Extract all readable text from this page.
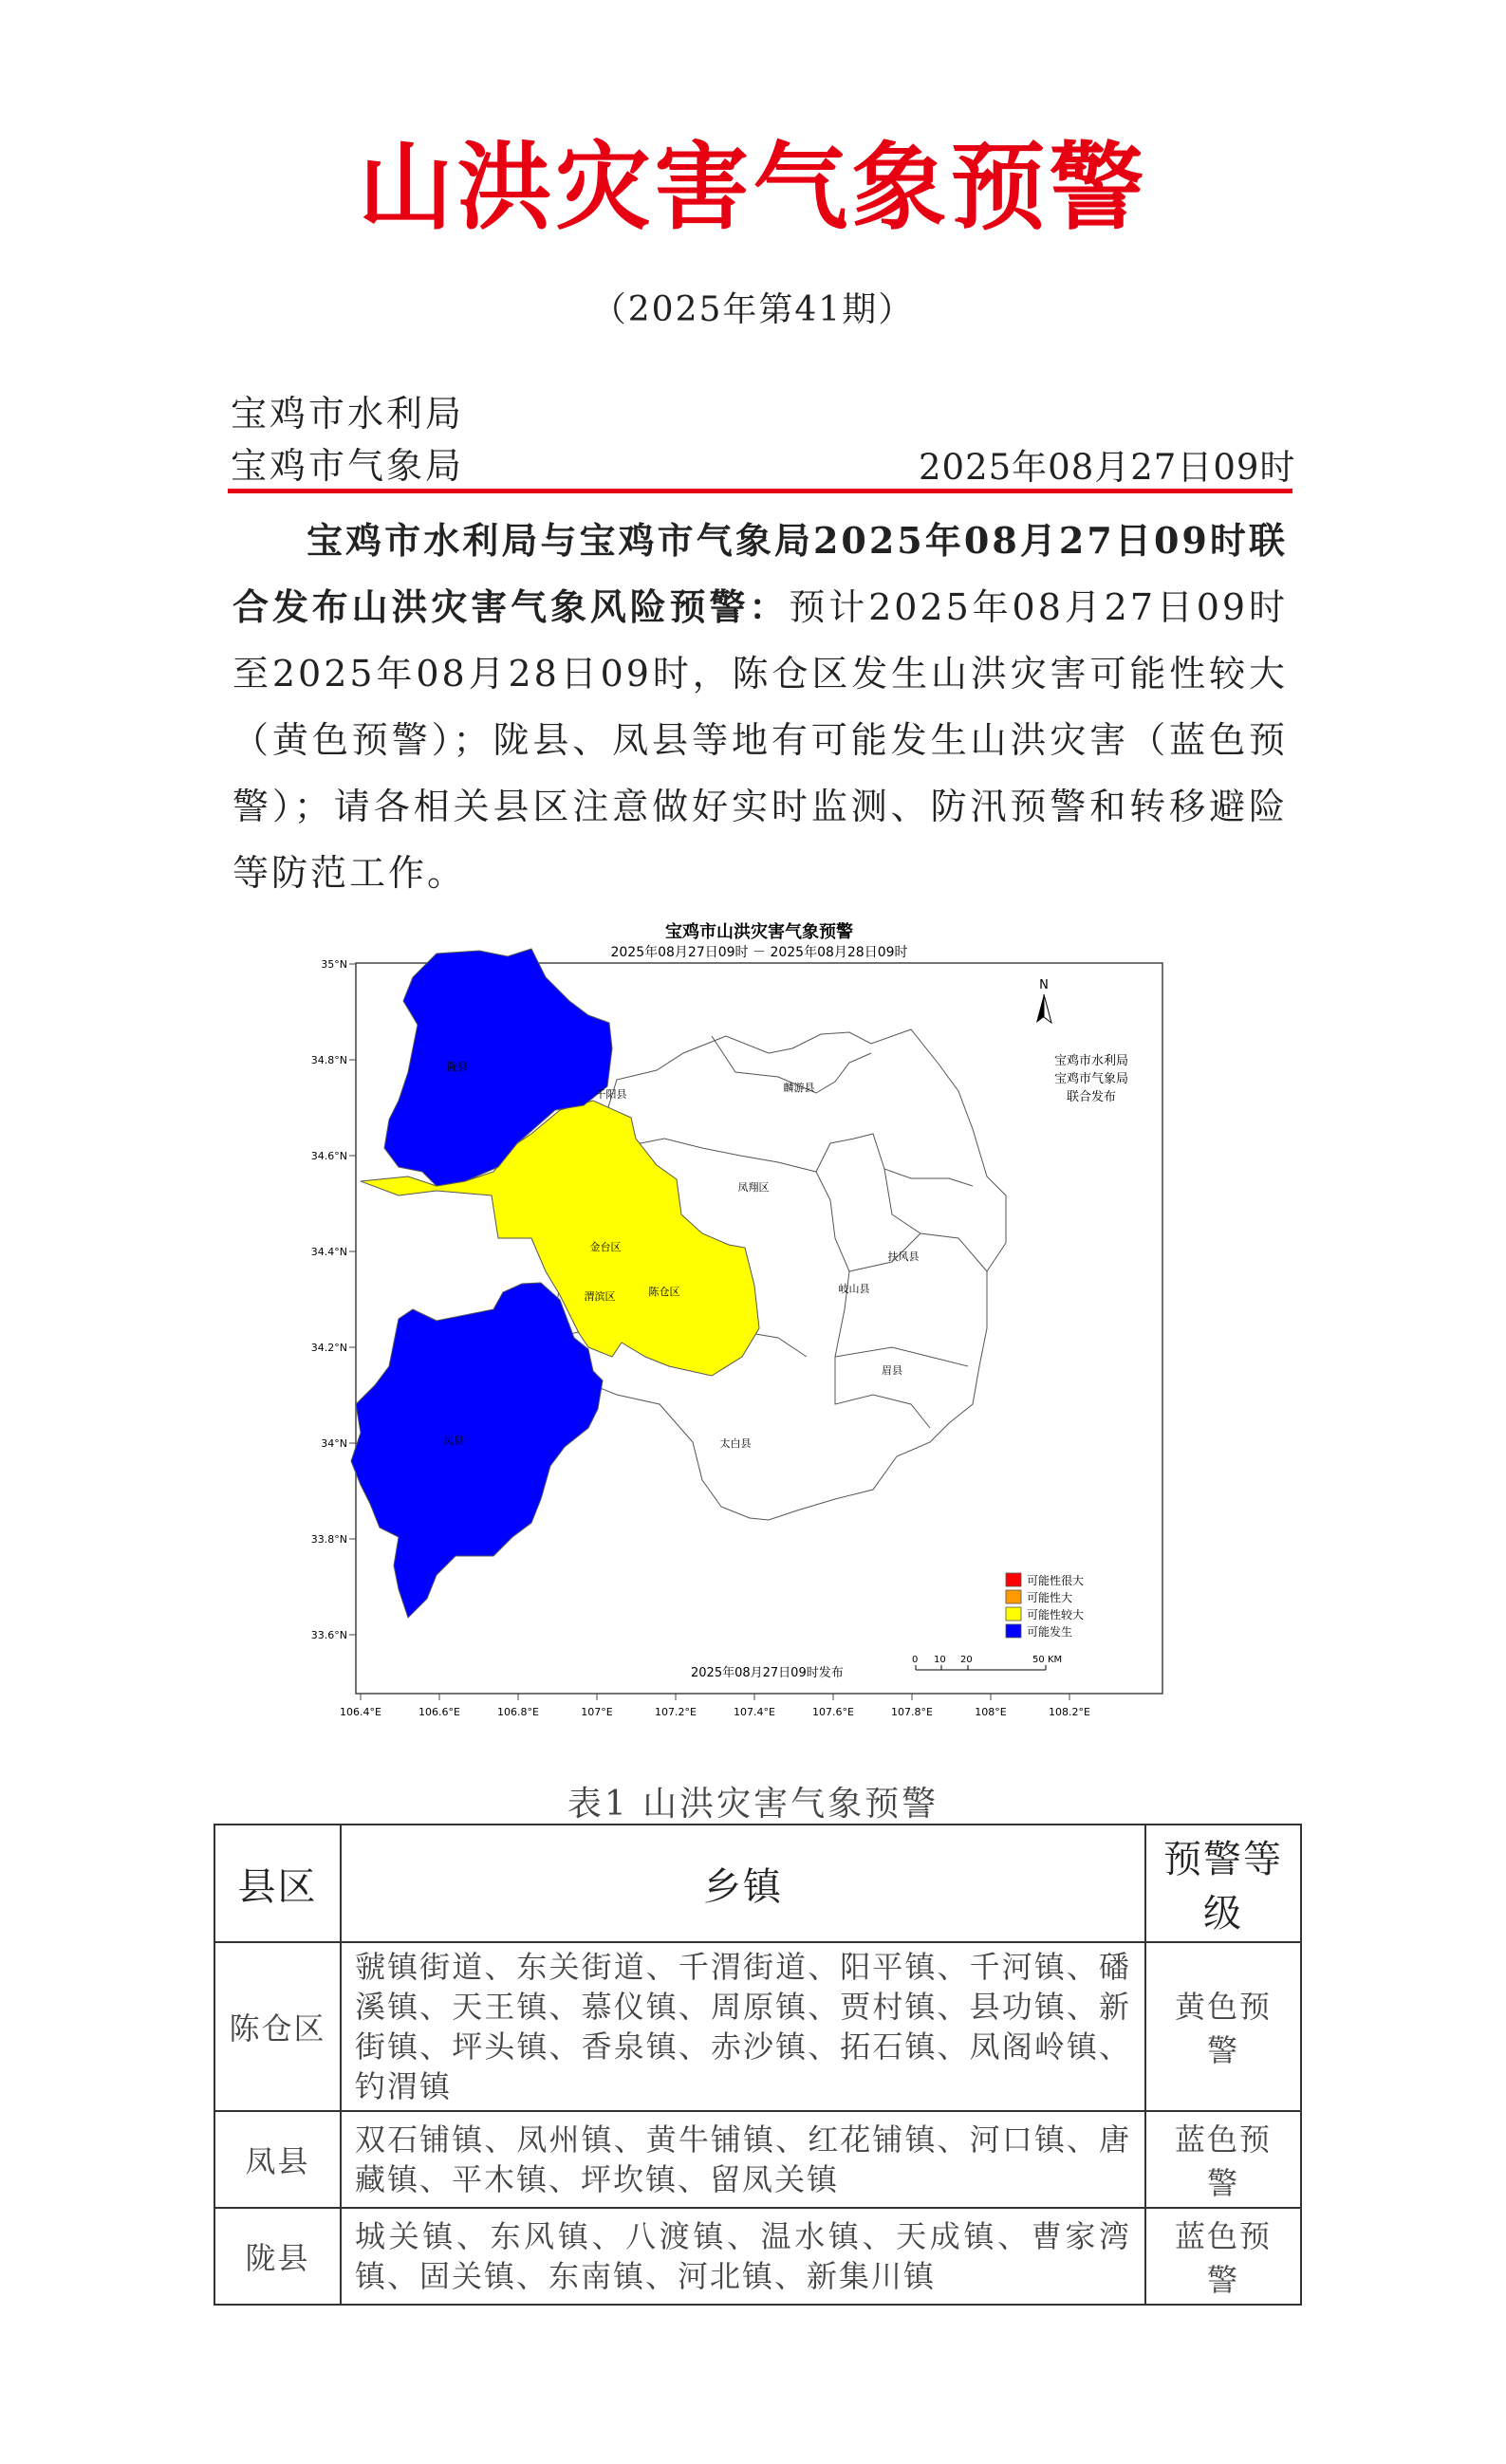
山洪灾害气象预警
（2025年第41期）
宝鸡市水利局
宝鸡市气象局	2025年08月27日09时
宝鸡市水利局与宝鸡市气象局2025年08月27日09时联合发布山洪灾害气象风险预警：预计2025年08月27日09时至2025年08月28日09时，陈仓区发生山洪灾害可能性较大（黄色预警）；陇县、凤县等地有可能发生山洪灾害（蓝色预警）；请各相关县区注意做好实时监测、防汛预警和转移避险等防范工作。
宝鸡市山洪灾害气象预警
2025年08月27日09时 － 2025年08月28日09时
陇县
千阳县
麟游县
凤翔区
金台区
陈仓区
渭滨区
岐山县
扶风县
眉县
凤县	太白县
N
宝鸡市水利局
宝鸡市气象局
联合发布
可能性很大
可能性大
可能性较大
可能发生
2025年08月27日09时发布
0 10 20	50 KM
35°N
34.8°N
34.6°N
34.4°N
34.2°N
34°N
33.8°N
33.6°N
106.4°E	106.6°E	106.8°E	107°E	107.2°E	107.4°E	107.6°E	107.8°E	108°E	108.2°E
表1 山洪灾害气象预警
县区	乡镇	预警等级
陈仓区	虢镇街道、东关街道、千渭街道、阳平镇、千河镇、磻溪镇、天王镇、慕仪镇、周原镇、贾村镇、县功镇、新街镇、坪头镇、香泉镇、赤沙镇、拓石镇、凤阁岭镇、钓渭镇	黄色预警
凤县	双石铺镇、凤州镇、黄牛铺镇、红花铺镇、河口镇、唐藏镇、平木镇、坪坎镇、留凤关镇	蓝色预警
陇县	城关镇、东风镇、八渡镇、温水镇、天成镇、曹家湾镇、固关镇、东南镇、河北镇、新集川镇	蓝色预警
